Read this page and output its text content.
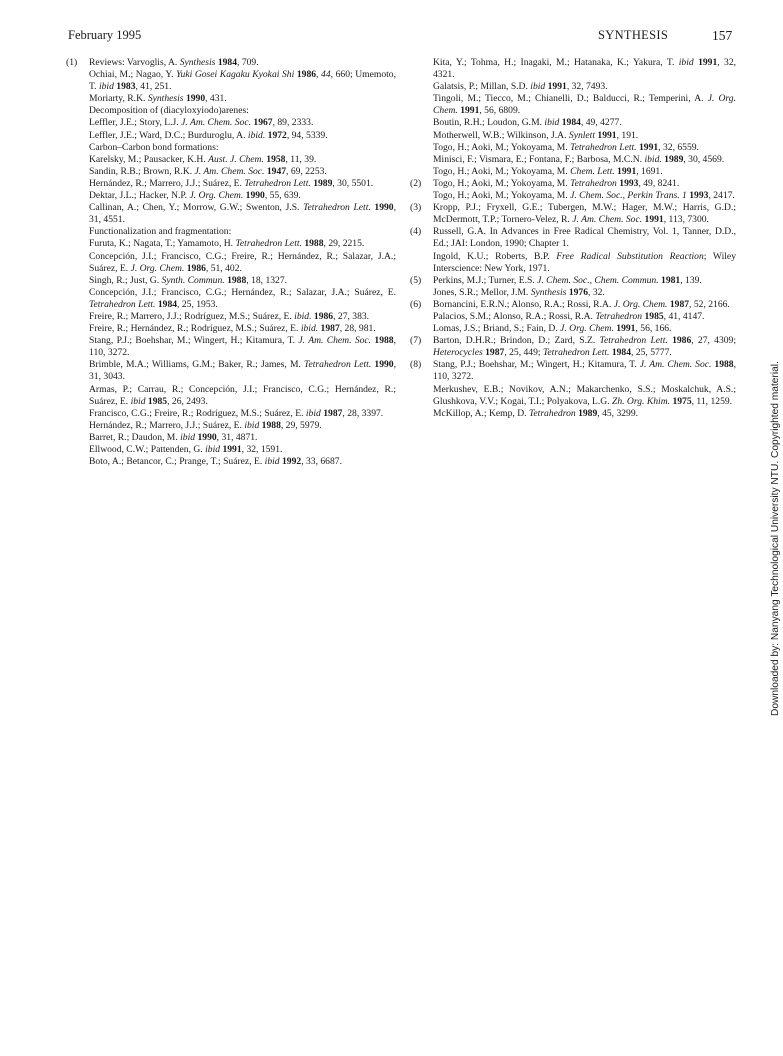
February 1995	SYNTHESIS	157
(1) Reviews: Varvoglis, A. Synthesis 1984, 709.
Ochiai, M.; Nagao, Y. Yuki Gosei Kagaku Kyokai Shi 1986, 44, 660; Umemoto, T. ibid 1983, 41, 251.
Moriarty, R.K. Synthesis 1990, 431.
Decomposition of (diacyloxyiodo)arenes:
Leffler, J.E.; Story, L.J. J. Am. Chem. Soc. 1967, 89, 2333.
Leffler, J.E.; Ward, D.C.; Burduroglu, A. ibid. 1972, 94, 5339.
Carbon–Carbon bond formations:
Karelsky, M.; Pausacker, K.H. Aust. J. Chem. 1958, 11, 39.
Sandin, R.B.; Brown, R.K. J. Am. Chem. Soc. 1947, 69, 2253.
Hernández, R.; Marrero, J.J.; Suárez, E. Tetrahedron Lett. 1989, 30, 5501.
Dektar, J.L.; Hacker, N.P. J. Org. Chem. 1990, 55, 639.
Callinan, A.; Chen, Y.; Morrow, G.W.; Swenton, J.S. Tetrahedron Lett. 1990, 31, 4551.
Functionalization and fragmentation:
Furuta, K.; Nagata, T.; Yamamoto, H. Tetrahedron Lett. 1988, 29, 2215.
Concepción, J.I.; Francisco, C.G.; Freire, R.; Hernández, R.; Salazar, J.A.; Suárez, E. J. Org. Chem. 1986, 51, 402.
Singh, R.; Just, G. Synth. Commun. 1988, 18, 1327.
Concepción, J.I.; Francisco, C.G.; Hernández, R.; Salazar, J.A.; Suárez, E. Tetrahedron Lett. 1984, 25, 1953.
Freire, R.; Marrero, J.J.; Rodríguez, M.S.; Suárez, E. ibid. 1986, 27, 383.
Freire, R.; Hernández, R.; Rodríguez, M.S.; Suárez, E. ibid. 1987, 28, 981.
Stang, P.J.; Boehshar, M.; Wingert, H.; Kitamura, T. J. Am. Chem. Soc. 1988, 110, 3272.
Brimble, M.A.; Williams, G.M.; Baker, R.; James, M. Tetrahedron Lett. 1990, 31, 3043.
Armas, P.; Carrau, R.; Concepción, J.I.; Francisco, C.G.; Hernández, R.; Suárez, E. ibid 1985, 26, 2493.
Francisco, C.G.; Freire, R.; Rodríguez, M.S.; Suárez, E. ibid 1987, 28, 3397.
Hernández, R.; Marrero, J.J.; Suárez, E. ibid 1988, 29, 5979.
Barret, R.; Daudon, M. ibid 1990, 31, 4871.
Ellwood, C.W.; Pattenden, G. ibid 1991, 32, 1591.
Boto, A.; Betancor, C.; Prange, T.; Suárez, E. ibid 1992, 33, 6687.
Kita, Y.; Tohma, H.; Inagaki, M.; Hatanaka, K.; Yakura, T. ibid 1991, 32, 4321.
Galatsis, P.; Millan, S.D. ibid 1991, 32, 7493.
Tingoli, M.; Tiecco, M.; Chianelli, D.; Balducci, R.; Temperini, A. J. Org. Chem. 1991, 56, 6809.
Boutin, R.H.; Loudon, G.M. ibid 1984, 49, 4277.
Motherwell, W.B.; Wilkinson, J.A. Synlett 1991, 191.
Togo, H.; Aoki, M.; Yokoyama, M. Tetrahedron Lett. 1991, 32, 6559.
Minisci, F.; Vismara, E.; Fontana, F.; Barbosa, M.C.N. ibid. 1989, 30, 4569.
Togo, H.; Aoki, M.; Yokoyama, M. Chem. Lett. 1991, 1691.
(2) Togo, H.; Aoki, M.; Yokoyama, M. Tetrahedron 1993, 49, 8241.
Togo, H.; Aoki, M.; Yokoyama, M. J. Chem. Soc., Perkin Trans. 1 1993, 2417.
(3) Kropp, P.J.; Fryxell, G.E.; Tubergen, M.W.; Hager, M.W.; Harris, G.D.; McDermott, T.P.; Tornero-Velez, R. J. Am. Chem. Soc. 1991, 113, 7300.
(4) Russell, G.A. In Advances in Free Radical Chemistry, Vol. 1, Tanner, D.D., Ed.; JAI: London, 1990; Chapter 1.
Ingold, K.U.; Roberts, B.P. Free Radical Substitution Reaction; Wiley Interscience: New York, 1971.
(5) Perkins, M.J.; Turner, E.S. J. Chem. Soc., Chem. Commun. 1981, 139.
Jones, S.R.; Mellor, J.M. Synthesis 1976, 32.
(6) Bornancini, E.R.N.; Alonso, R.A.; Rossi, R.A. J. Org. Chem. 1987, 52, 2166.
Palacios, S.M.; Alonso, R.A.; Rossi, R.A. Tetrahedron 1985, 41, 4147.
Lomas, J.S.; Briand, S.; Fain, D. J. Org. Chem. 1991, 56, 166.
(7) Barton, D.H.R.; Brindon, D.; Zard, S.Z. Tetrahedron Lett. 1986, 27, 4309; Heterocycles 1987, 25, 449; Tetrahedron Lett. 1984, 25, 5777.
(8) Stang, P.J.; Boehshar, M.; Wingert, H.; Kitamura, T. J. Am. Chem. Soc. 1988, 110, 3272.
Merkushev, E.B.; Novikov, A.N.; Makarchenko, S.S.; Moskalchuk, A.S.; Glushkova, V.V.; Kogai, T.I.; Polyakova, L.G. Zh. Org. Khim. 1975, 11, 1259.
McKillop, A.; Kemp, D. Tetrahedron 1989, 45, 3299.	Downloaded by: Nanyang Technological University NTU. Copyrighted material.
